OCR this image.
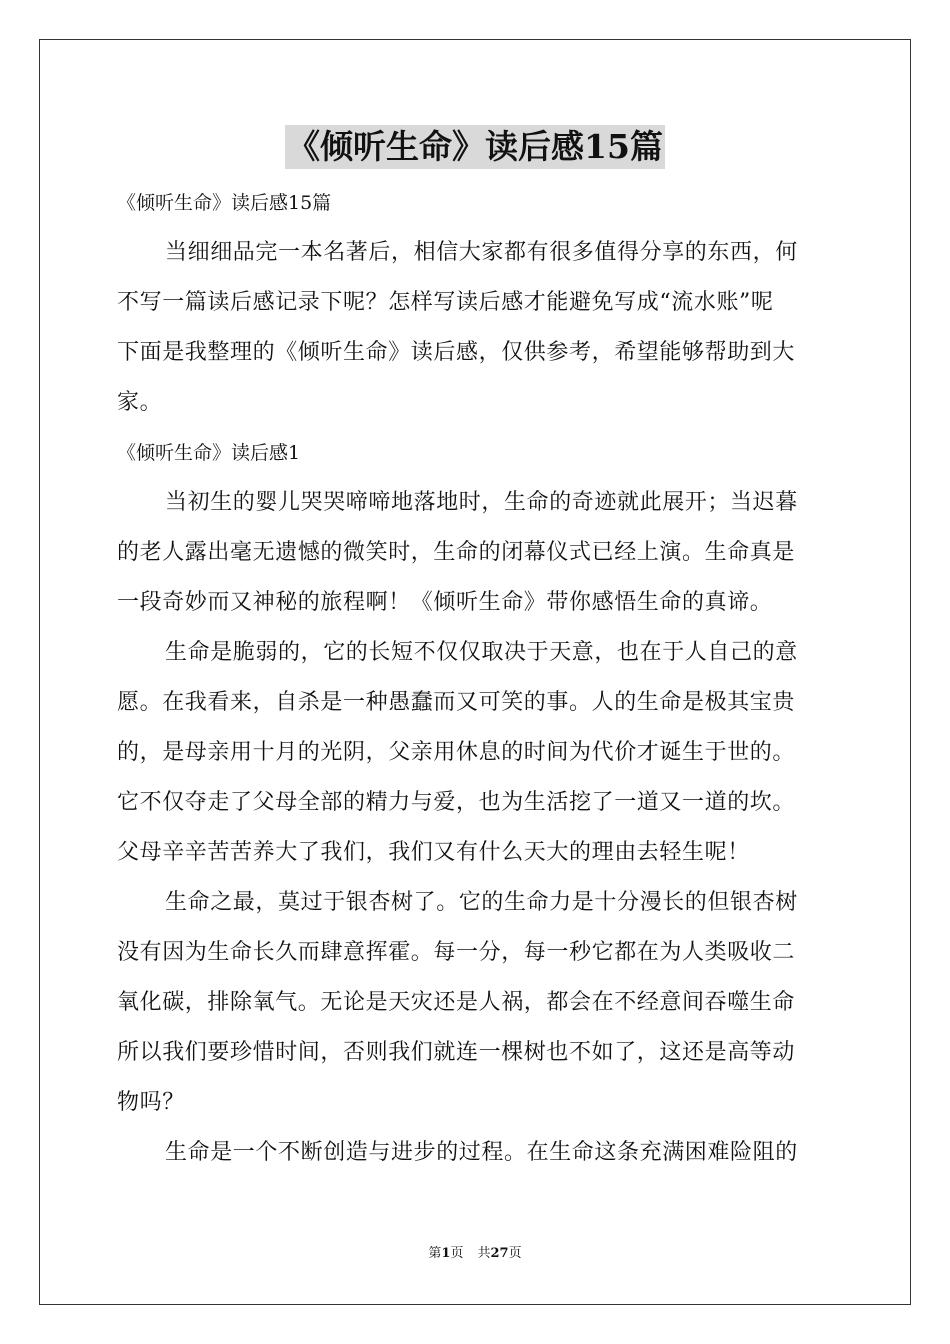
《倾听生命》读后感15篇
《倾听生命》读后感15篇
当细细品完一本名著后，相信大家都有很多值得分享的东西，何
不写一篇读后感记录下呢？怎样写读后感才能避免写成“流水账”呢
下面是我整理的《倾听生命》读后感，仅供参考，希望能够帮助到大
家。
《倾听生命》读后感1
当初生的婴儿哭哭啼啼地落地时，生命的奇迹就此展开；当迟暮
的老人露出毫无遗憾的微笑时，生命的闭幕仪式已经上演。生命真是
一段奇妙而又神秘的旅程啊！《倾听生命》带你感悟生命的真谛。
生命是脆弱的，它的长短不仅仅取决于天意，也在于人自己的意
愿。在我看来，自杀是一种愚蠢而又可笑的事。人的生命是极其宝贵
的，是母亲用十月的光阴，父亲用休息的时间为代价才诞生于世的。
它不仅夺走了父母全部的精力与爱，也为生活挖了一道又一道的坎。
父母辛辛苦苦养大了我们，我们又有什么天大的理由去轻生呢！
生命之最，莫过于银杏树了。它的生命力是十分漫长的但银杏树
没有因为生命长久而肆意挥霍。每一分，每一秒它都在为人类吸收二
氧化碳，排除氧气。无论是天灾还是人祸，都会在不经意间吞噬生命
所以我们要珍惜时间，否则我们就连一棵树也不如了，这还是高等动
物吗？
生命是一个不断创造与进步的过程。在生命这条充满困难险阻的
第1页 共27页
